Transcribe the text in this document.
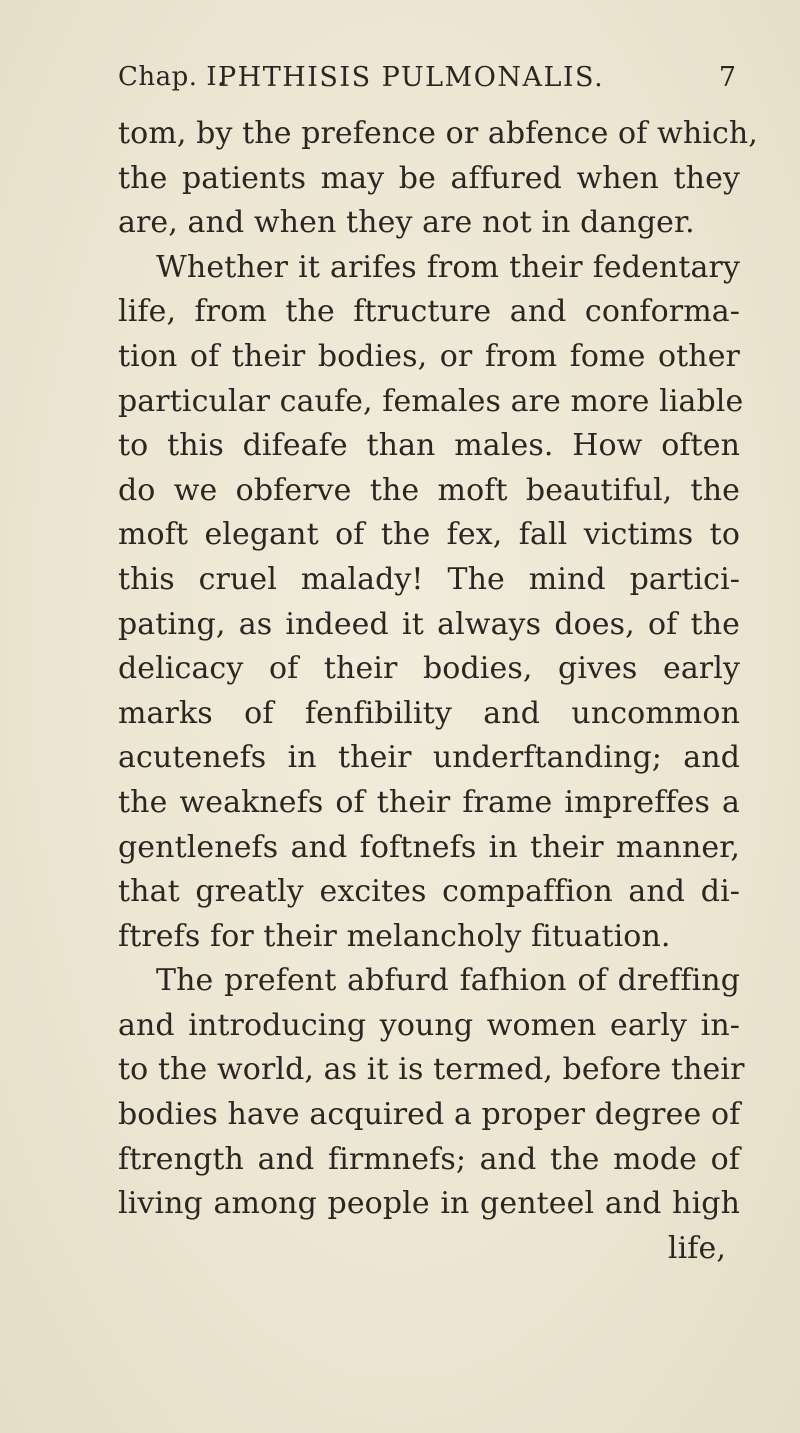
Chap. I.
PHTHISIS PULMONALIS.	7
tom, by the prefence or abfence of which,
the patients may be affured when they
are, and when they are not in danger.
Whether it arifes from their fedentary
life, from the ftructure and conforma-
tion of their bodies, or from fome other
particular caufe, females are more liable
to this difeafe than males. How often
do we obferve the moft beautiful, the
moft elegant of the fex, fall victims to
this cruel malady! The mind partici-
pating, as indeed it always does, of the
delicacy of their bodies, gives early
marks of fenfibility and uncommon
acutenefs in their underftanding; and
the weaknefs of their frame impreffes a
gentlenefs and foftnefs in their manner,
that greatly excites compaffion and di-
ftrefs for their melancholy fituation.
The prefent abfurd fafhion of dreffing
and introducing young women early in-
to the world, as it is termed, before their
bodies have acquired a proper degree of
ftrength and firmnefs; and the mode of
living among people in genteel and high
life,
